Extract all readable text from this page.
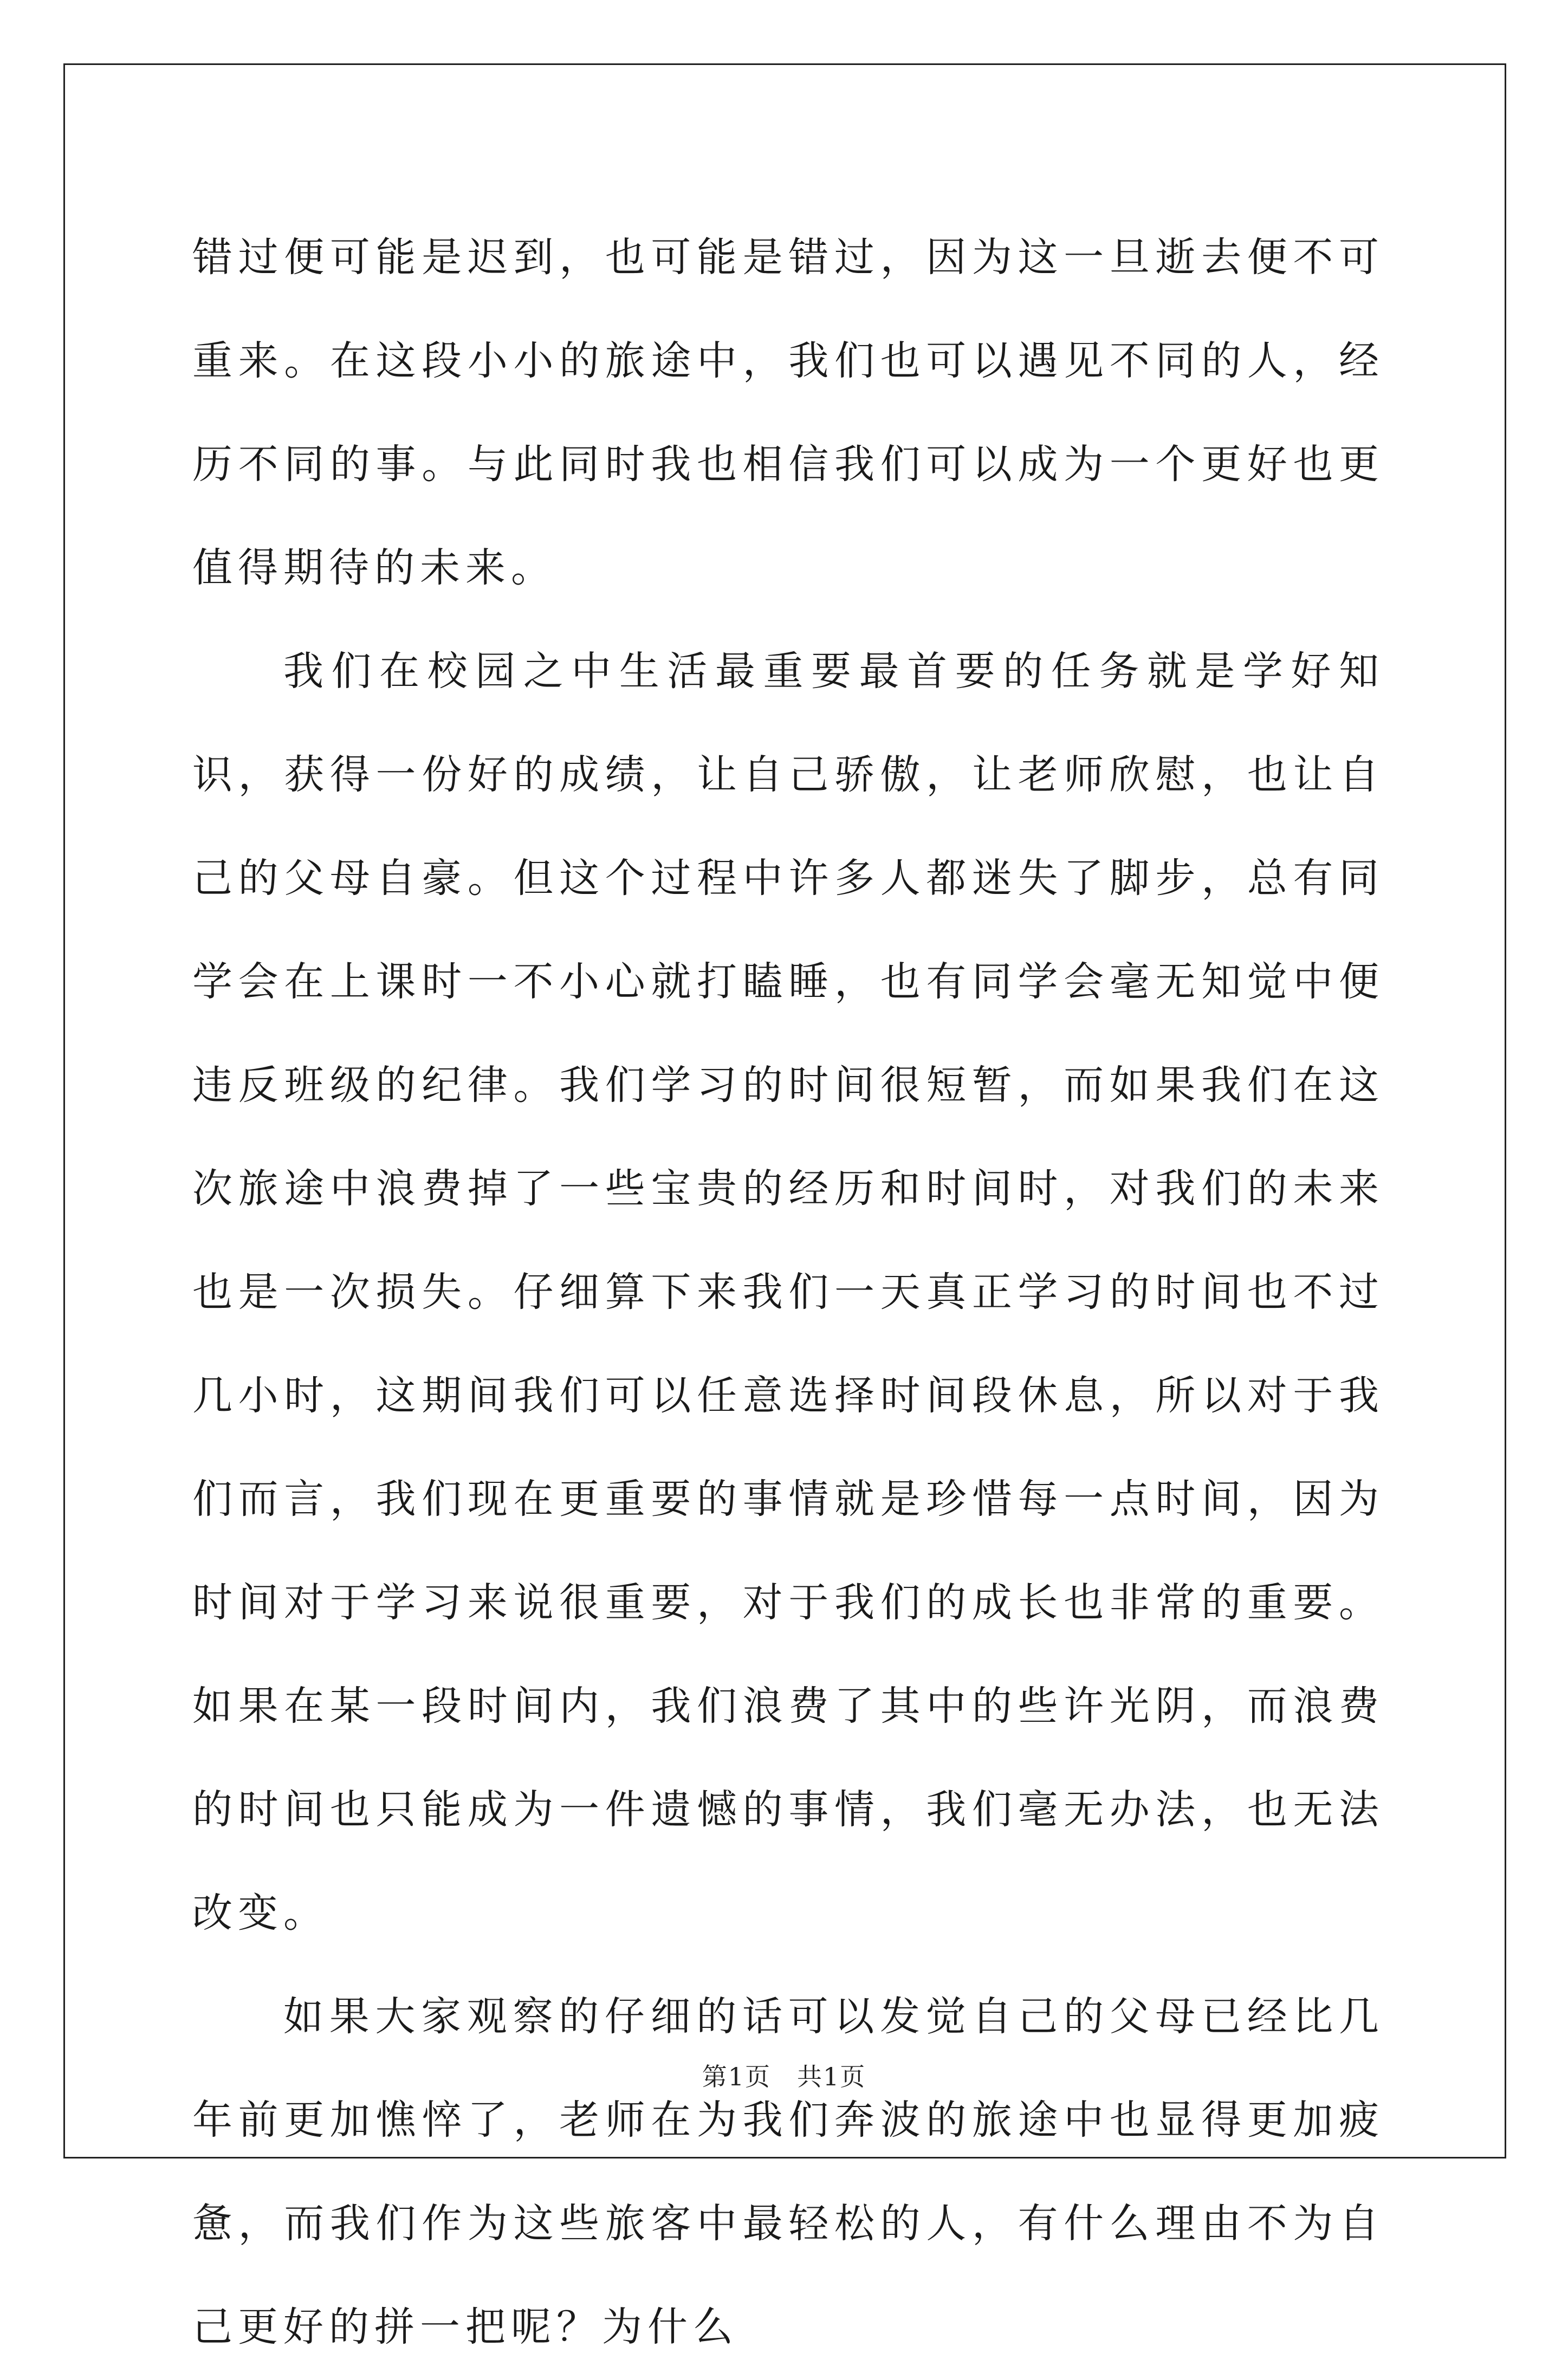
错过便可能是迟到，也可能是错过，因为这一旦逝去便不可重来。在这段小小的旅途中，我们也可以遇见不同的人，经历不同的事。与此同时我也相信我们可以成为一个更好也更值得期待的未来。

我们在校园之中生活最重要最首要的任务就是学好知识，获得一份好的成绩，让自己骄傲，让老师欣慰，也让自己的父母自豪。但这个过程中许多人都迷失了脚步，总有同学会在上课时一不小心就打瞌睡，也有同学会毫无知觉中便违反班级的纪律。我们学习的时间很短暂，而如果我们在这次旅途中浪费掉了一些宝贵的经历和时间时，对我们的未来也是一次损失。仔细算下来我们一天真正学习的时间也不过几小时，这期间我们可以任意选择时间段休息，所以对于我们而言，我们现在更重要的事情就是珍惜每一点时间，因为时间对于学习来说很重要，对于我们的成长也非常的重要。如果在某一段时间内，我们浪费了其中的些许光阴，而浪费的时间也只能成为一件遗憾的事情，我们毫无办法，也无法改变。

如果大家观察的仔细的话可以发觉自己的父母已经比几年前更加憔悴了，老师在为我们奔波的旅途中也显得更加疲惫，而我们作为这些旅客中最轻松的人，有什么理由不为自己更好的拼一把呢？为什么

第1页　共1页
